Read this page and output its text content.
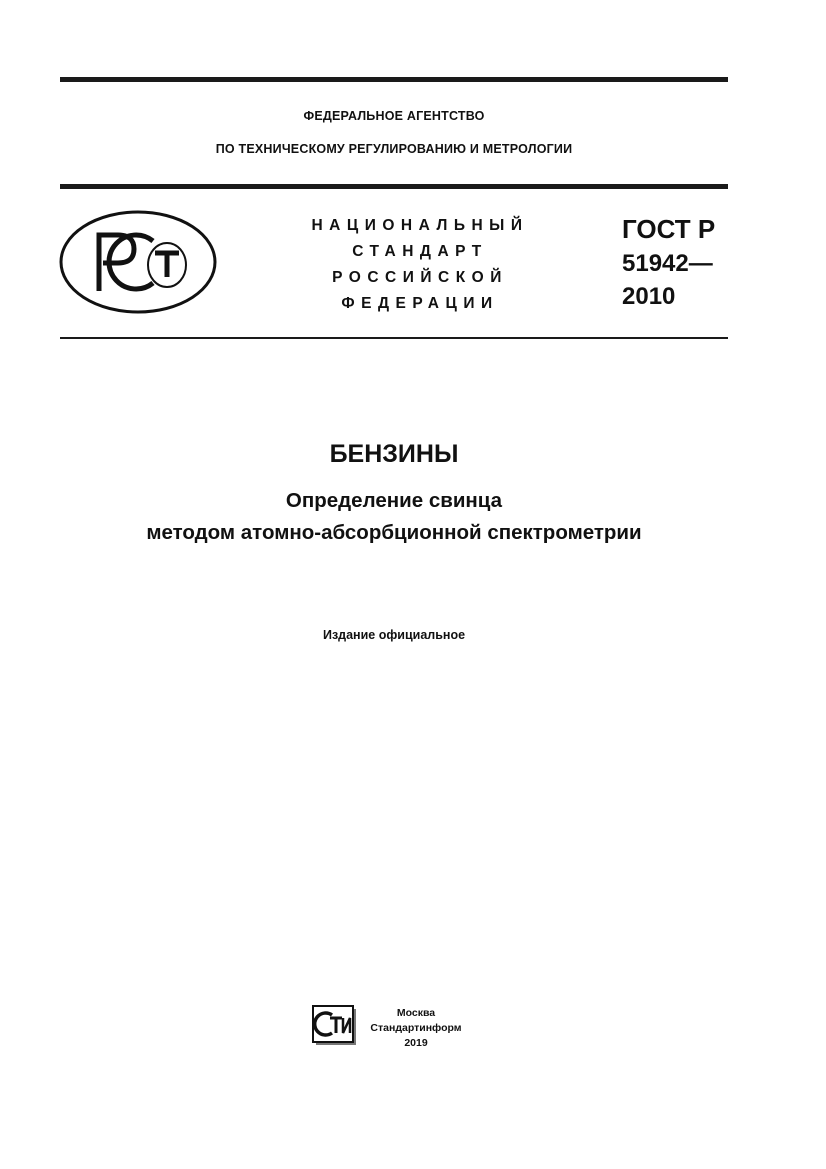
ФЕДЕРАЛЬНОЕ АГЕНТСТВО
ПО ТЕХНИЧЕСКОМУ РЕГУЛИРОВАНИЮ И МЕТРОЛОГИИ
НАЦИОНАЛЬНЫЙ
СТАНДАРТ
РОССИЙСКОЙ
ФЕДЕРАЦИИ
ГОСТ Р
51942—
2010
БЕНЗИНЫ
Определение свинца
методом атомно-абсорбционной спектрометрии
Издание официальное
Москва
Стандартинформ
2019
